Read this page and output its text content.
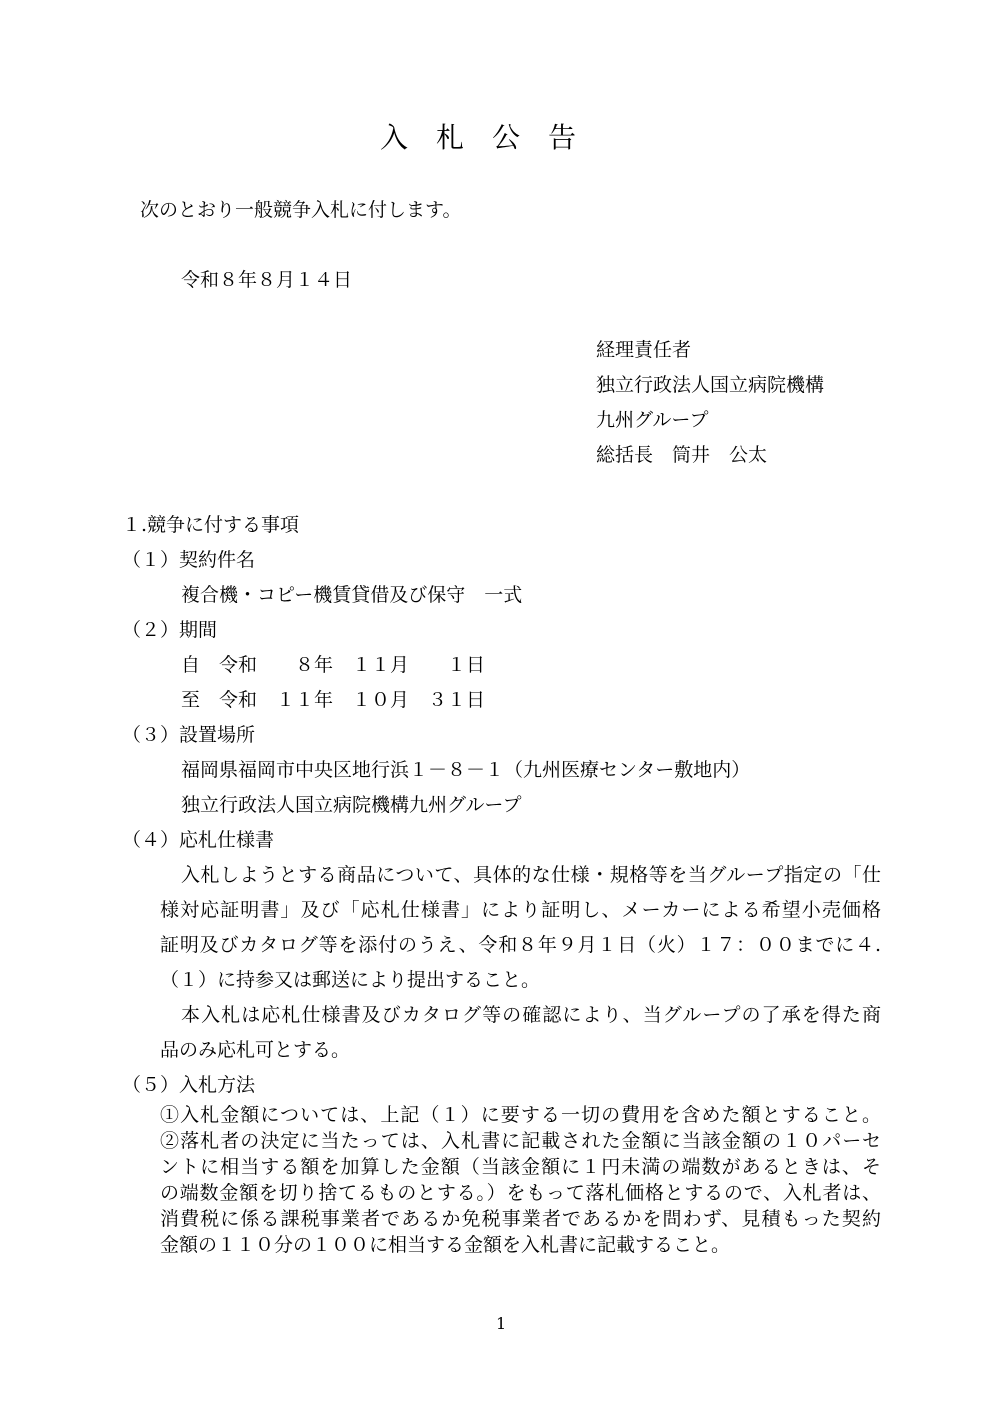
入　札　公　告
次のとおり一般競争入札に付します。
令和８年８月１４日
経理責任者
独立行政法人国立病院機構
九州グループ
総括長　筒井　公太
１.競争に付する事項
（１）契約件名
複合機・コピー機賃貸借及び保守　一式
（２）期間
自　令和　　８年　１１月　　１日
至　令和　１１年　１０月　３１日
（３）設置場所
福岡県福岡市中央区地行浜１－８－１（九州医療センター敷地内）
独立行政法人国立病院機構九州グループ
（４）応札仕様書
入札しようとする商品について、具体的な仕様・規格等を当グループ指定の「仕
様対応証明書」及び「応札仕様書」により証明し、メーカーによる希望小売価格
証明及びカタログ等を添付のうえ、令和８年９月１日（火）１７：００までに４.
（１）に持参又は郵送により提出すること。
本入札は応札仕様書及びカタログ等の確認により、当グループの了承を得た商
品のみ応札可とする。
（５）入札方法
①入札金額については、上記（１）に要する一切の費用を含めた額とすること。
②落札者の決定に当たっては、入札書に記載された金額に当該金額の１０パーセ
ントに相当する額を加算した金額（当該金額に１円未満の端数があるときは、そ
の端数金額を切り捨てるものとする。）をもって落札価格とするので、入札者は、
消費税に係る課税事業者であるか免税事業者であるかを問わず、見積もった契約
金額の１１０分の１００に相当する金額を入札書に記載すること。
1
